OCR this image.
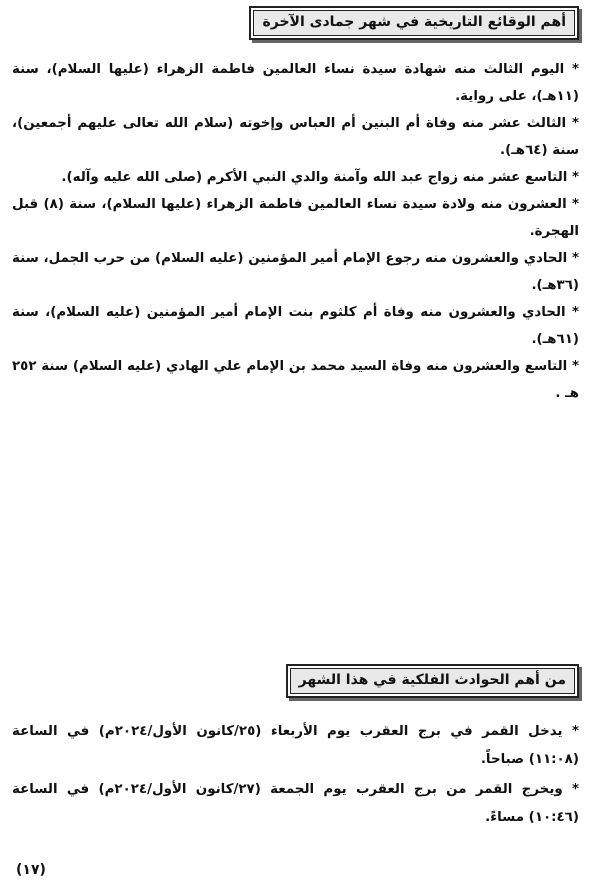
أهم الوقائع التاريخية في شهر جمادى الآخرة
* اليوم الثالث منه شهادة سيدة نساء العالمين فاطمة الزهراء (عليها السلام)، سنة (١١هـ)، على رواية.
* الثالث عشر منه وفاة أم البنين أم العباس وإخوته (سلام الله تعالى عليهم أجمعين)، سنة (٦٤هـ).
* التاسع عشر منه زواج عبد الله وآمنة والدي النبي الأكرم (صلى الله عليه وآله).
* العشرون منه ولادة سيدة نساء العالمين فاطمة الزهراء (عليها السلام)، سنة (٨) قبل الهجرة.
* الحادي والعشرون منه رجوع الإمام أمير المؤمنين (عليه السلام) من حرب الجمل، سنة (٣٦هـ).
* الحادي والعشرون منه وفاة أم كلثوم بنت الإمام أمير المؤمنين (عليه السلام)، سنة (٦١هـ).
* التاسع والعشرون منه وفاة السيد محمد بن الإمام علي الهادي (عليه السلام) سنة ٢٥٢ هـ .
من أهم الحوادث الفلكية في هذا الشهر
* يدخل القمر في برج العقرب يوم الأربعاء (٢٥/كانون الأول/٢٠٢٤م) في الساعة (١١:٠٨) صباحاً.
* ويخرج القمر من برج العقرب يوم الجمعة (٢٧/كانون الأول/٢٠٢٤م) في الساعة (١٠:٤٦) مساءً.
(١٧)
